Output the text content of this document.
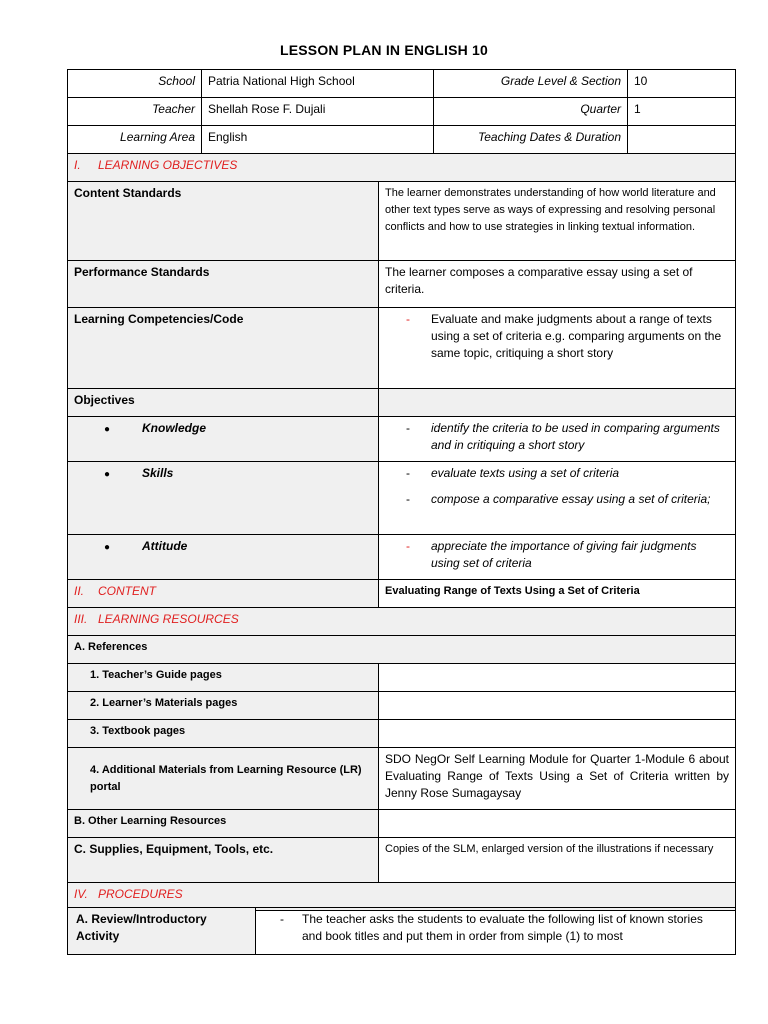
LESSON PLAN IN ENGLISH 10
School	Patria National High School	Grade Level & Section	10
Teacher	Shellah Rose F. Dujali	Quarter	1
Learning Area	English	Teaching Dates & Duration	
I. LEARNING OBJECTIVES	
Content Standards	The learner demonstrates understanding of how world literature and other text types serve as ways of expressing and resolving personal conflicts and how to use strategies in linking textual information.
Performance Standards	The learner composes a comparative essay using a set of criteria.
Learning Competencies/Code	- Evaluate and make judgments about a range of texts using a set of criteria e.g. comparing arguments on the same topic, critiquing a short story
Objectives	
● Knowledge	- identify the criteria to be used in comparing arguments and in critiquing a short story
● Skills	- evaluate texts using a set of criteria
- compose a comparative essay using a set of criteria;

● Attitude	- appreciate the importance of giving fair judgments using set of criteria
II. CONTENT	Evaluating Range of Texts Using a Set of Criteria
III. LEARNING RESOURCES	
A. References	
1. Teacher’s Guide pages	
2. Learner’s Materials pages	
3. Textbook pages	
4. Additional Materials from Learning Resource (LR) portal	SDO NegOr Self Learning Module for Quarter 1-Module 6 about Evaluating Range of Texts Using a Set of Criteria written by Jenny Rose Sumagaysay
B. Other Learning Resources	
C. Supplies, Equipment, Tools, etc.	Copies of the SLM, enlarged version of the illustrations if necessary
IV. PROCEDURES	
A. Review/Introductory Activity	- The teacher asks the students to evaluate the following list of known stories and book titles and put them in order from simple (1) to most
